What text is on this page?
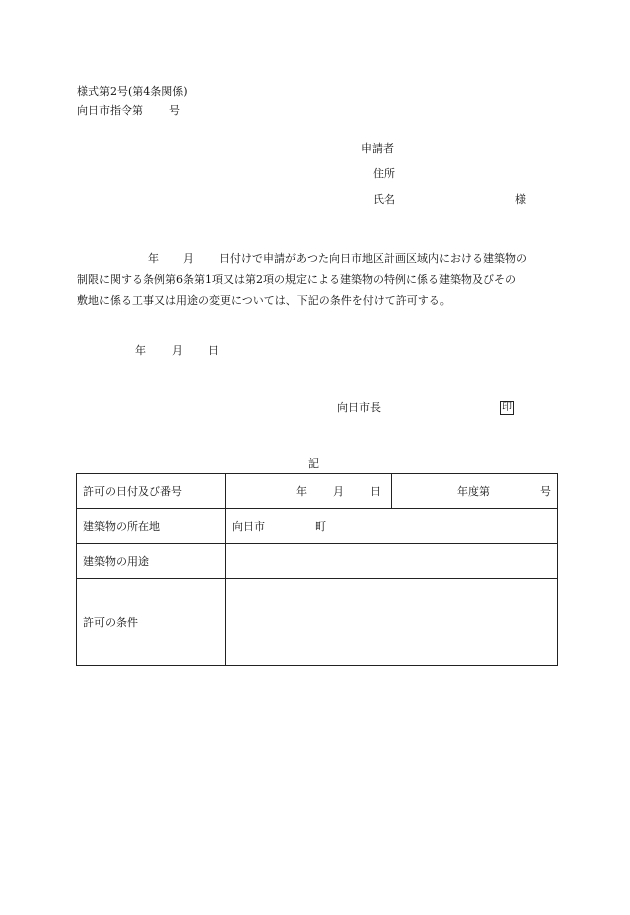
様式第2号(第4条関係)
向日市指令第 号
申請者
住所
氏名	様
年 月 日付けで申請があつた向日市地区計画区域内における建築物の
制限に関する条例第6条第1項又は第2項の規定による建築物の特例に係る建築物及びその
敷地に係る工事又は用途の変更については、下記の条件を付けて許可する。
年 月 日
向日市長	印
記
許可の日付及び番号	年 月 日	年度第 号
建築物の所在地	向日市 町	
建築物の用途		
許可の条件		
